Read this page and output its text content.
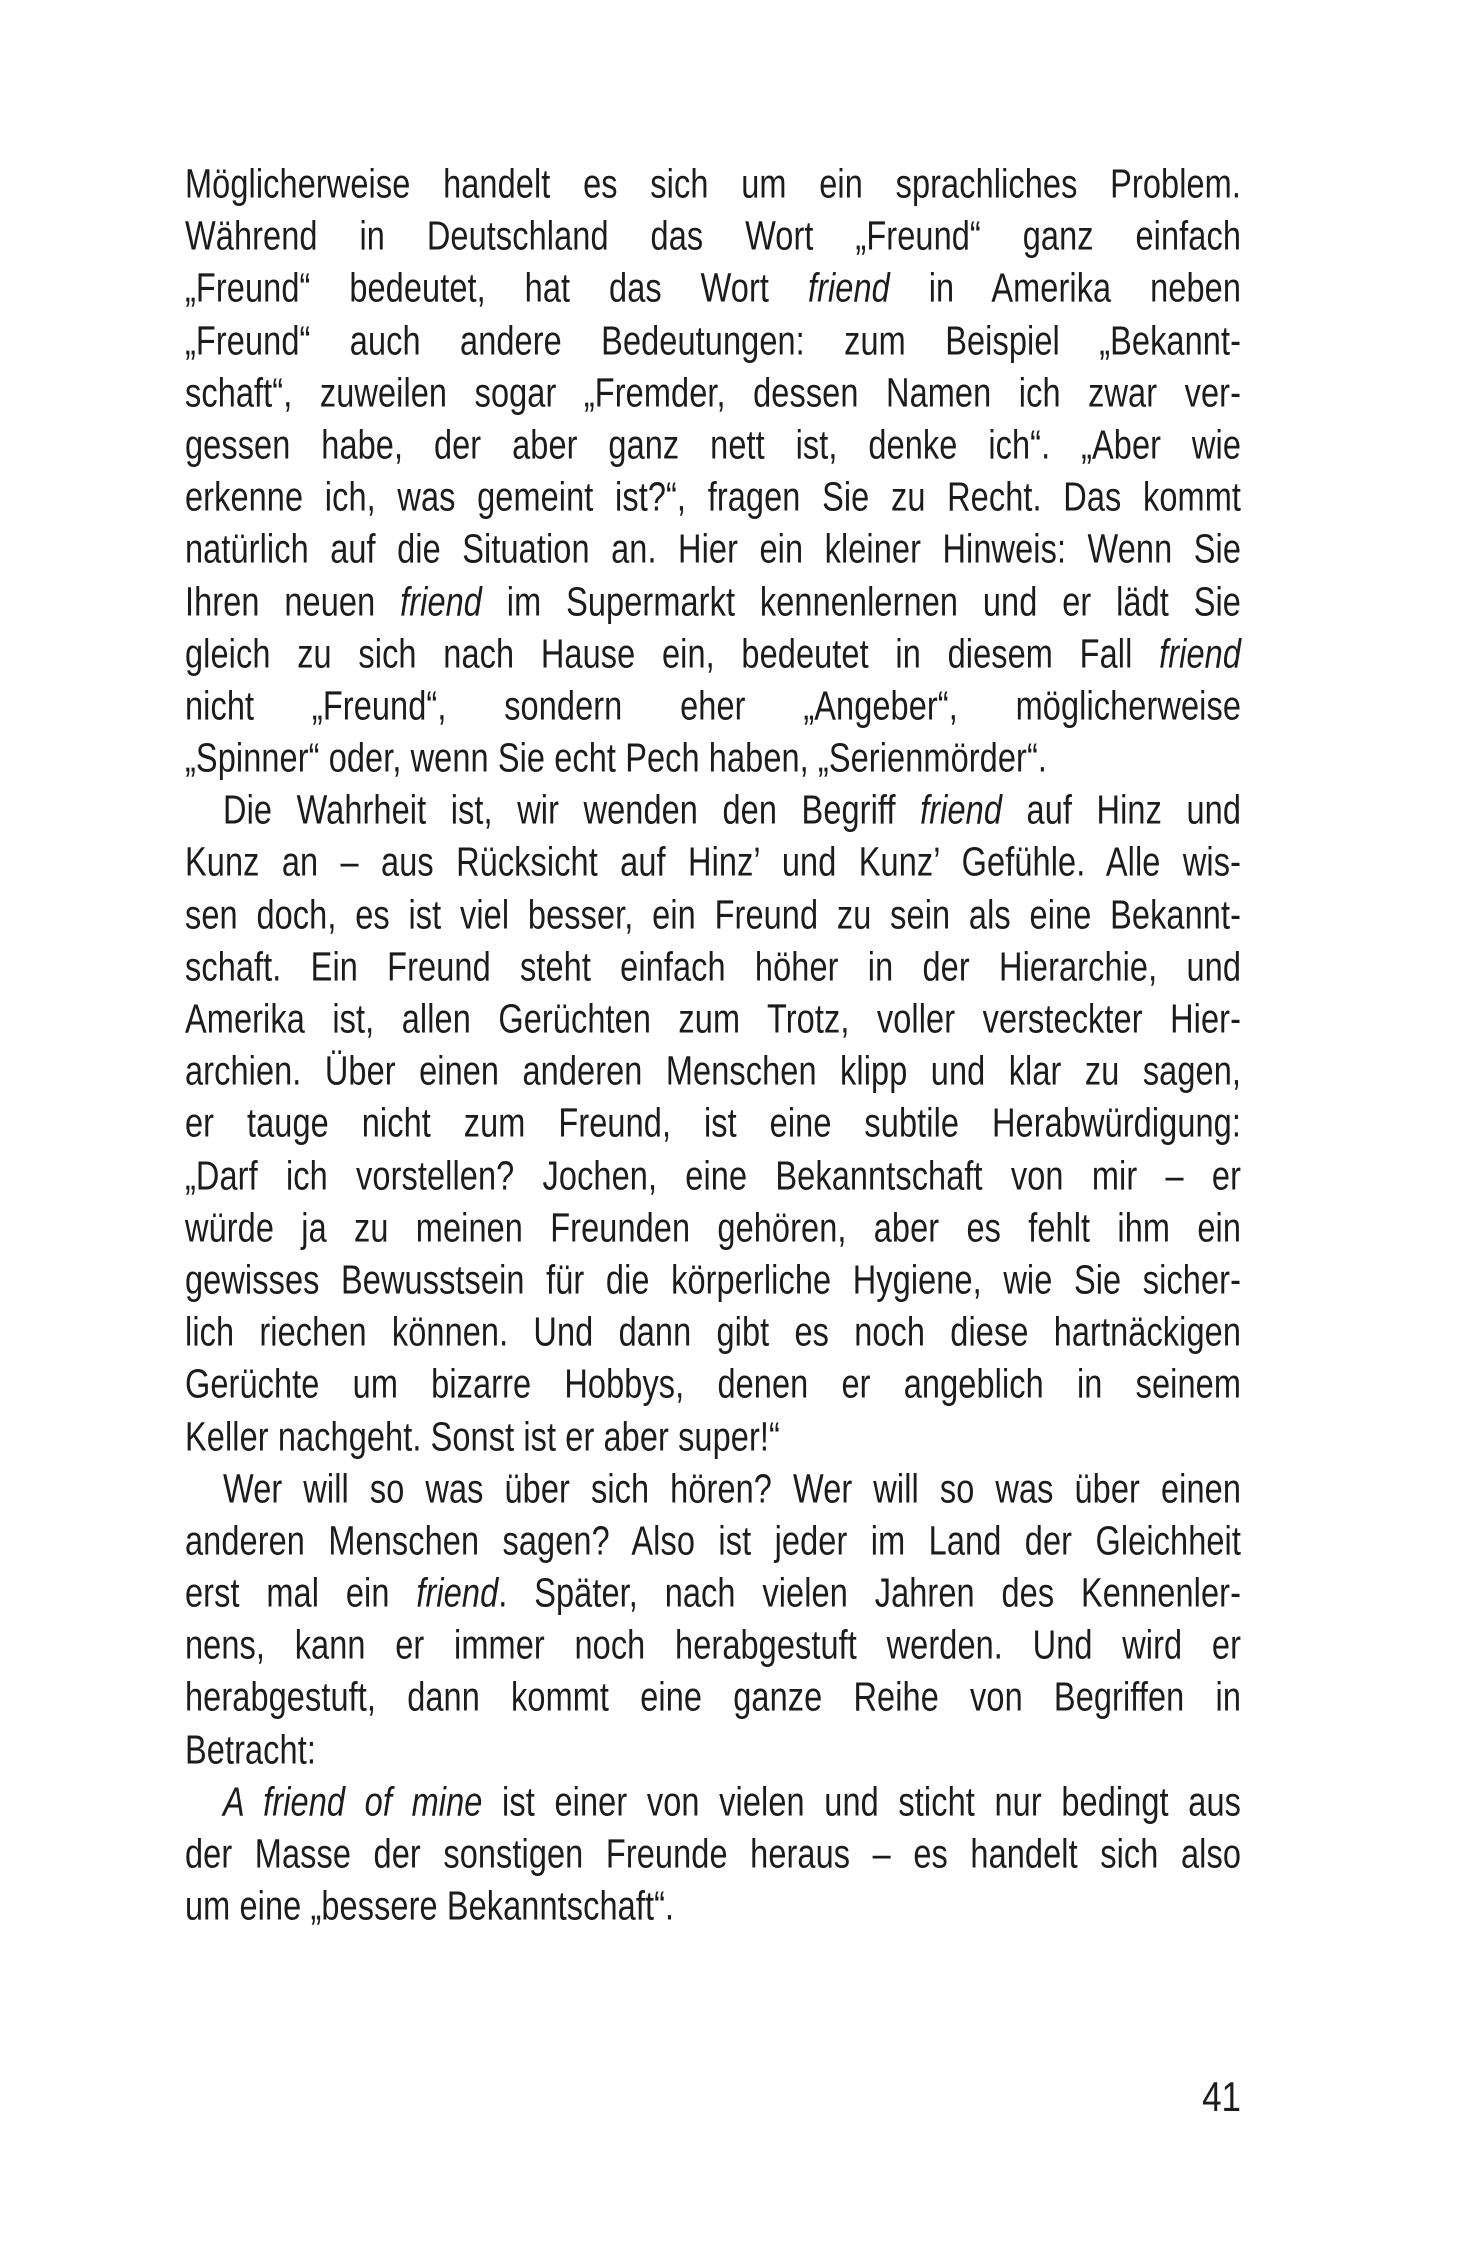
Möglicherweise handelt es sich um ein sprachliches Problem.
Während in Deutschland das Wort „Freund“ ganz einfach
„Freund“ bedeutet, hat das Wort friend in Amerika neben
„Freund“ auch andere Bedeutungen: zum Beispiel „Bekannt-
schaft“, zuweilen sogar „Fremder, dessen Namen ich zwar ver-
gessen habe, der aber ganz nett ist, denke ich“. „Aber wie
erkenne ich, was gemeint ist?“, fragen Sie zu Recht. Das kommt
natürlich auf die Situation an. Hier ein kleiner Hinweis: Wenn Sie
Ihren neuen friend im Supermarkt kennenlernen und er lädt Sie
gleich zu sich nach Hause ein, bedeutet in diesem Fall friend
nicht „Freund“, sondern eher „Angeber“, möglicherweise
„Spinner“ oder, wenn Sie echt Pech haben, „Serienmörder“.
Die Wahrheit ist, wir wenden den Begriff friend auf Hinz und
Kunz an – aus Rücksicht auf Hinz’ und Kunz’ Gefühle. Alle wis-
sen doch, es ist viel besser, ein Freund zu sein als eine Bekannt-
schaft. Ein Freund steht einfach höher in der Hierarchie, und
Amerika ist, allen Gerüchten zum Trotz, voller versteckter Hier-
archien. Über einen anderen Menschen klipp und klar zu sagen,
er tauge nicht zum Freund, ist eine subtile Herabwürdigung:
„Darf ich vorstellen? Jochen, eine Bekanntschaft von mir – er
würde ja zu meinen Freunden gehören, aber es fehlt ihm ein
gewisses Bewusstsein für die körperliche Hygiene, wie Sie sicher-
lich riechen können. Und dann gibt es noch diese hartnäckigen
Gerüchte um bizarre Hobbys, denen er angeblich in seinem
Keller nachgeht. Sonst ist er aber super!“
Wer will so was über sich hören? Wer will so was über einen
anderen Menschen sagen? Also ist jeder im Land der Gleichheit
erst mal ein friend. Später, nach vielen Jahren des Kennenler-
nens, kann er immer noch herabgestuft werden. Und wird er
herabgestuft, dann kommt eine ganze Reihe von Begriffen in
Betracht:
A friend of mine ist einer von vielen und sticht nur bedingt aus
der Masse der sonstigen Freunde heraus – es handelt sich also
um eine „bessere Bekanntschaft“.
41
